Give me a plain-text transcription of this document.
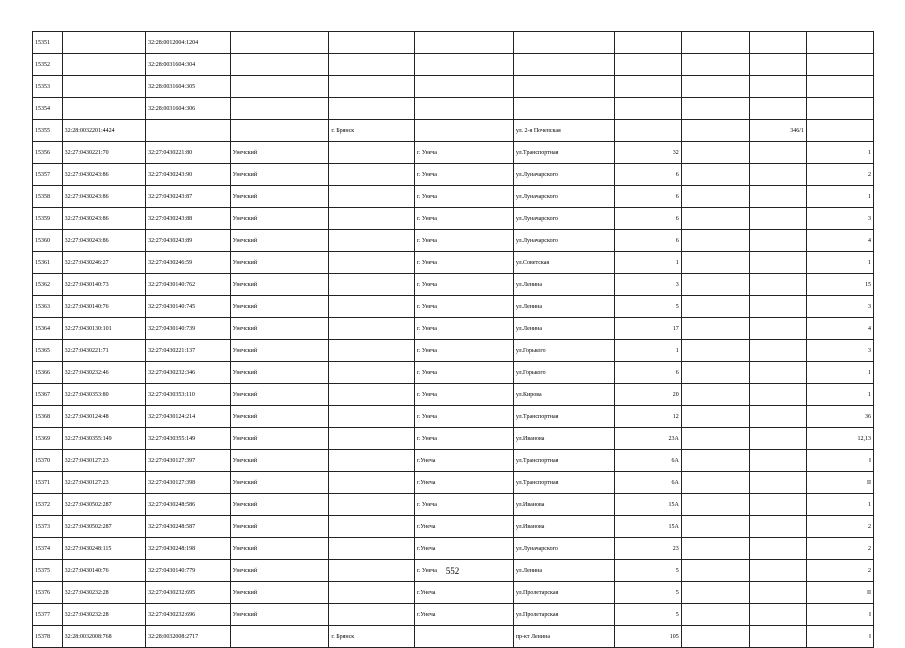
15351		32:28:0012004:1204								
15352		32:28:0031604:304								
15353		32:28:0031604:305								
15354		32:28:0031604:306								
15355	32:28:0032201:4424			г. Брянск		ул. 2-я Почепская			346/1	
15356	32:27:0430221:70	32:27:0430221:80	Унечский		г. Унеча	ул.Транспортная	32			1
15357	32:27:0430243:86	32:27:0430243:90	Унечский		г. Унеча	ул.Луначарского	6			2
15358	32:27:0430243:86	32:27:0430243:87	Унечский		г. Унеча	ул.Луначарского	6			1
15359	32:27:0430243:86	32:27:0430243:88	Унечский		г. Унеча	ул.Луначарского	6			3
15360	32:27:0430243:86	32:27:0430243:89	Унечский		г. Унеча	ул.Луначарского	6			4
15361	32:27:0430246:27	32:27:0430246:59	Унечский		г. Унеча	ул.Советская	1			1
15362	32:27:0430140:73	32:27:0430140:762	Унечский		г. Унеча	ул.Ленина	3			15
15363	32:27:0430140:76	32:27:0430140:745	Унечский		г. Унеча	ул.Ленина	5			3
15364	32:27:0430130:101	32:27:0430140:739	Унечский		г. Унеча	ул.Ленина	17			4
15365	32:27:0430221:71	32:27:0430221:137	Унечский		г. Унеча	ул.Горького	1			3
15366	32:27:0430232:46	32:27:0430232:346	Унечский		г. Унеча	ул.Горького	6			1
15367	32:27:0430353:80	32:27:0430353:110	Унечский		г. Унеча	ул.Кирова	20			1
15368	32:27:0430124:48	32:27:0430124:214	Унечский		г. Унеча	ул.Транспортная	12			36
15369	32:27:0430355:149	32:27:0430355:149	Унечский		г. Унеча	ул.Иванова	23А			12,13
15370	32:27:0430127:23	32:27:0430127:397	Унечский		г.Унеча	ул.Транспортная	6А			I
15371	32:27:0430127:23	32:27:0430127:398	Унечский		г.Унеча	ул.Транспортная	6А			II
15372	32:27:0430502:287	32:27:0430248:586	Унечский		г. Унеча	ул.Иванова	15А			1
15373	32:27:0430502:287	32:27:0430248:587	Унечский		г.Унеча	ул.Иванова	15А			2
15374	32:27:0430248:115	32:27:0430248:198	Унечский		г.Унеча	ул.Луначарского	23			2
15375	32:27:0430140:76	32:27:0430140:779	Унечский		г. Унеча	ул.Ленина	5			2
15376	32:27:0430232:28	32:27:0430232:695	Унечский		г.Унеча	ул.Пролетарская	5			II
15377	32:27:0430232:28	32:27:0430232:696	Унечский		г.Унеча	ул.Пролетарская	5			I
15378	32:28:0032008:768	32:28:0032008:2717		г. Брянск		пр-кт Ленина	105			I
552
